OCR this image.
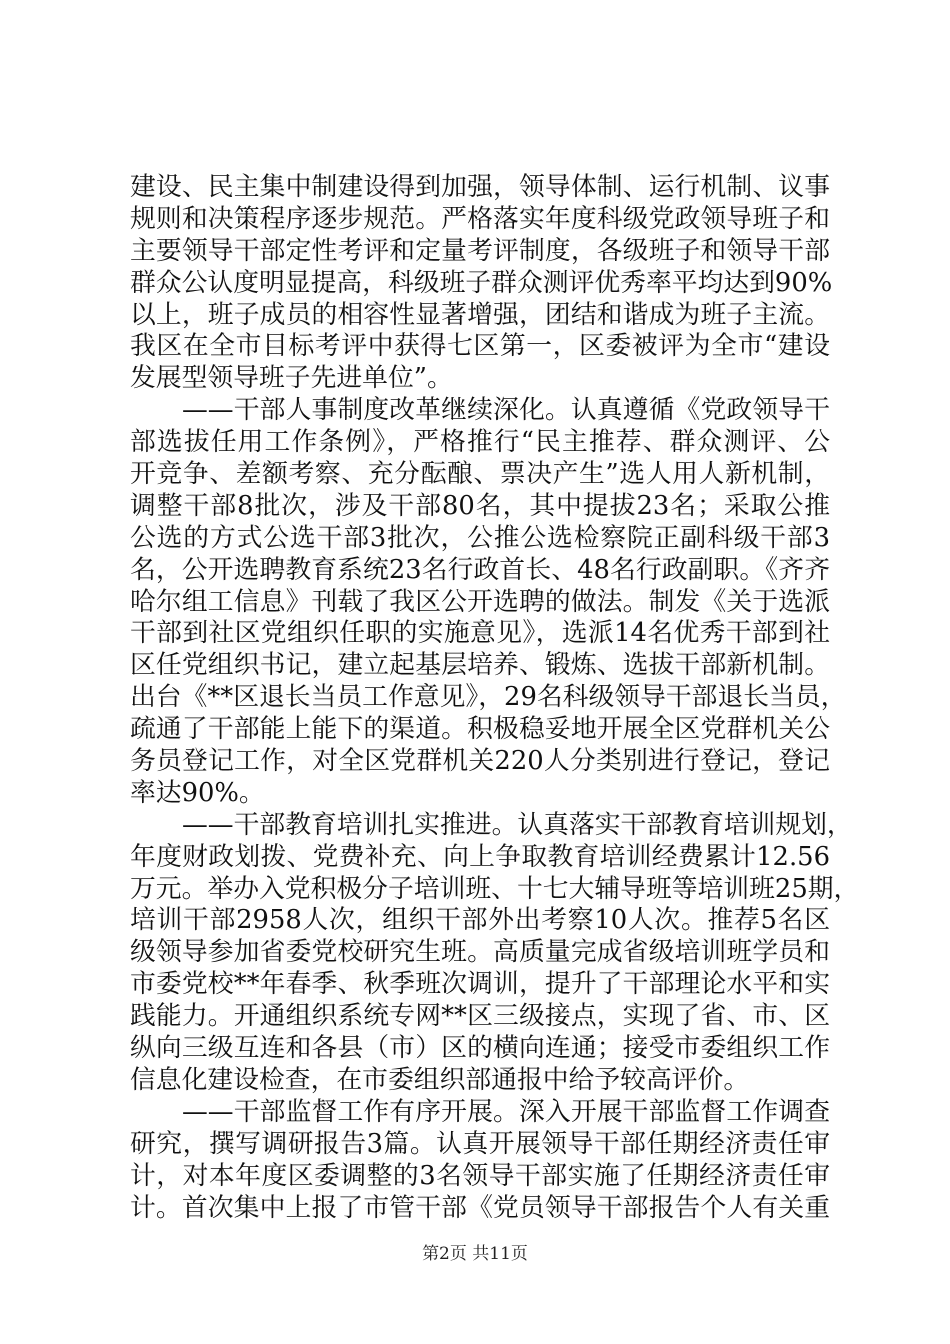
建设、民主集中制建设得到加强，领导体制、运行机制、议事
规则和决策程序逐步规范。严格落实年度科级党政领导班子和
主要领导干部定性考评和定量考评制度，各级班子和领导干部
群众公认度明显提高，科级班子群众测评优秀率平均达到90%
以上，班子成员的相容性显著增强，团结和谐成为班子主流。
我区在全市目标考评中获得七区第一，区委被评为全市“建设
发展型领导班子先进单位”。
——干部人事制度改革继续深化。认真遵循《党政领导干
部选拔任用工作条例》，严格推行“民主推荐、群众测评、公
开竞争、差额考察、充分酝酿、票决产生”选人用人新机制，
调整干部8批次，涉及干部80名，其中提拔23名；采取公推
公选的方式公选干部3批次，公推公选检察院正副科级干部3
名，公开选聘教育系统23名行政首长、48名行政副职。《齐齐
哈尔组工信息》刊载了我区公开选聘的做法。制发《关于选派
干部到社区党组织任职的实施意见》，选派14名优秀干部到社
区任党组织书记，建立起基层培养、锻炼、选拔干部新机制。
出台《**区退长当员工作意见》，29名科级领导干部退长当员，
疏通了干部能上能下的渠道。积极稳妥地开展全区党群机关公
务员登记工作，对全区党群机关220人分类别进行登记，登记
率达90%。
——干部教育培训扎实推进。认真落实干部教育培训规划，
年度财政划拨、党费补充、向上争取教育培训经费累计12.56
万元。举办入党积极分子培训班、十七大辅导班等培训班25期，
培训干部2958人次，组织干部外出考察10人次。推荐5名区
级领导参加省委党校研究生班。高质量完成省级培训班学员和
市委党校**年春季、秋季班次调训，提升了干部理论水平和实
践能力。开通组织系统专网**区三级接点，实现了省、市、区
纵向三级互连和各县（市）区的横向连通；接受市委组织工作
信息化建设检查，在市委组织部通报中给予较高评价。
——干部监督工作有序开展。深入开展干部监督工作调查
研究，撰写调研报告3篇。认真开展领导干部任期经济责任审
计，对本年度区委调整的3名领导干部实施了任期经济责任审
计。首次集中上报了市管干部《党员领导干部报告个人有关重
第2页 共11页
